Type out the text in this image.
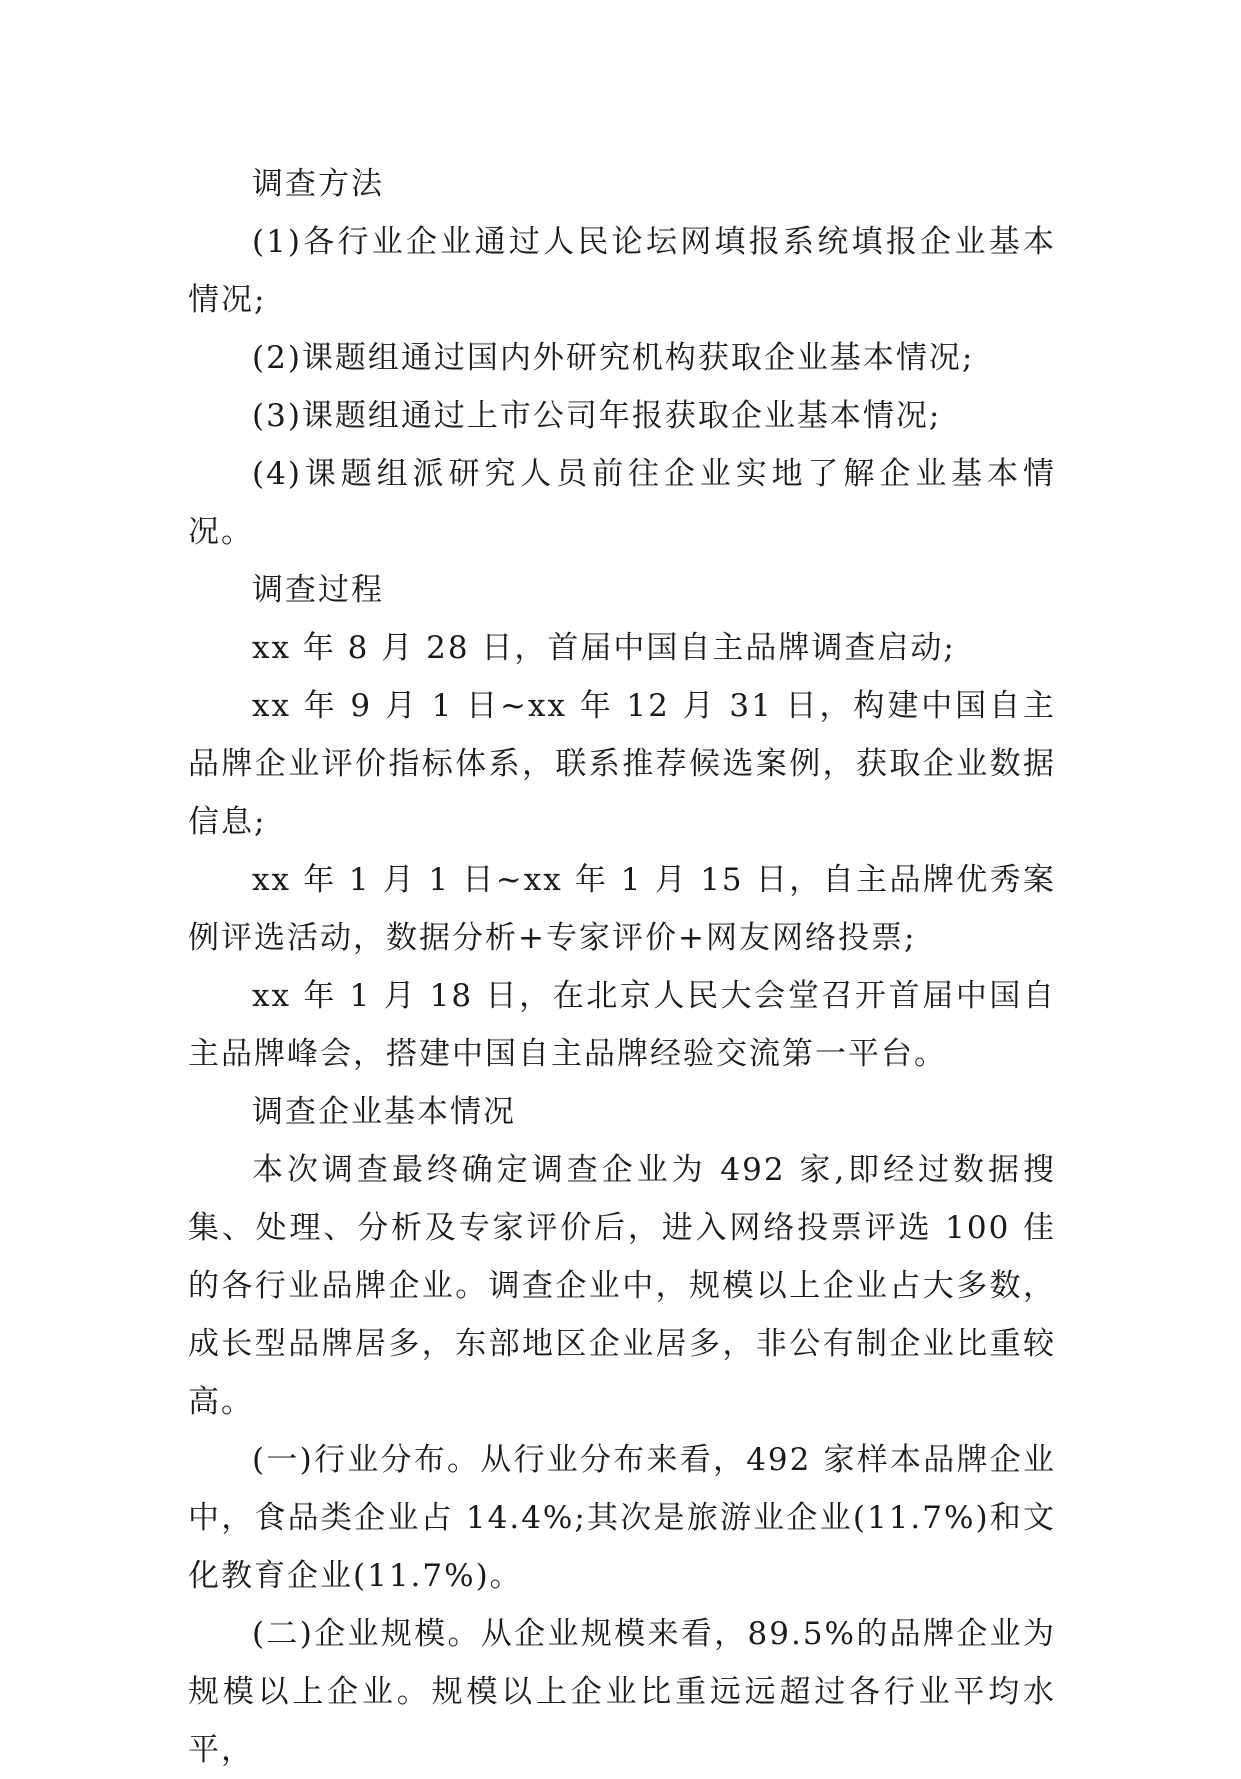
调查方法

(1)各行业企业通过人民论坛网填报系统填报企业基本情况;

(2)课题组通过国内外研究机构获取企业基本情况;

(3)课题组通过上市公司年报获取企业基本情况;

(4)课题组派研究人员前往企业实地了解企业基本情况。

调查过程

xx 年 8 月 28 日，首届中国自主品牌调查启动;

xx 年 9 月 1 日~xx 年 12 月 31 日，构建中国自主品牌企业评价指标体系，联系推荐候选案例，获取企业数据信息;

xx 年 1 月 1 日~xx 年 1 月 15 日，自主品牌优秀案例评选活动，数据分析+专家评价+网友网络投票;

xx 年 1 月 18 日，在北京人民大会堂召开首届中国自主品牌峰会，搭建中国自主品牌经验交流第一平台。

调查企业基本情况

本次调查最终确定调查企业为 492 家,即经过数据搜集、处理、分析及专家评价后，进入网络投票评选 100 佳的各行业品牌企业。调查企业中，规模以上企业占大多数，成长型品牌居多，东部地区企业居多，非公有制企业比重较高。

(一)行业分布。从行业分布来看，492 家样本品牌企业中，食品类企业占 14.4%;其次是旅游业企业(11.7%)和文化教育企业(11.7%)。

(二)企业规模。从企业规模来看，89.5%的品牌企业为规模以上企业。规模以上企业比重远远超过各行业平均水平，
